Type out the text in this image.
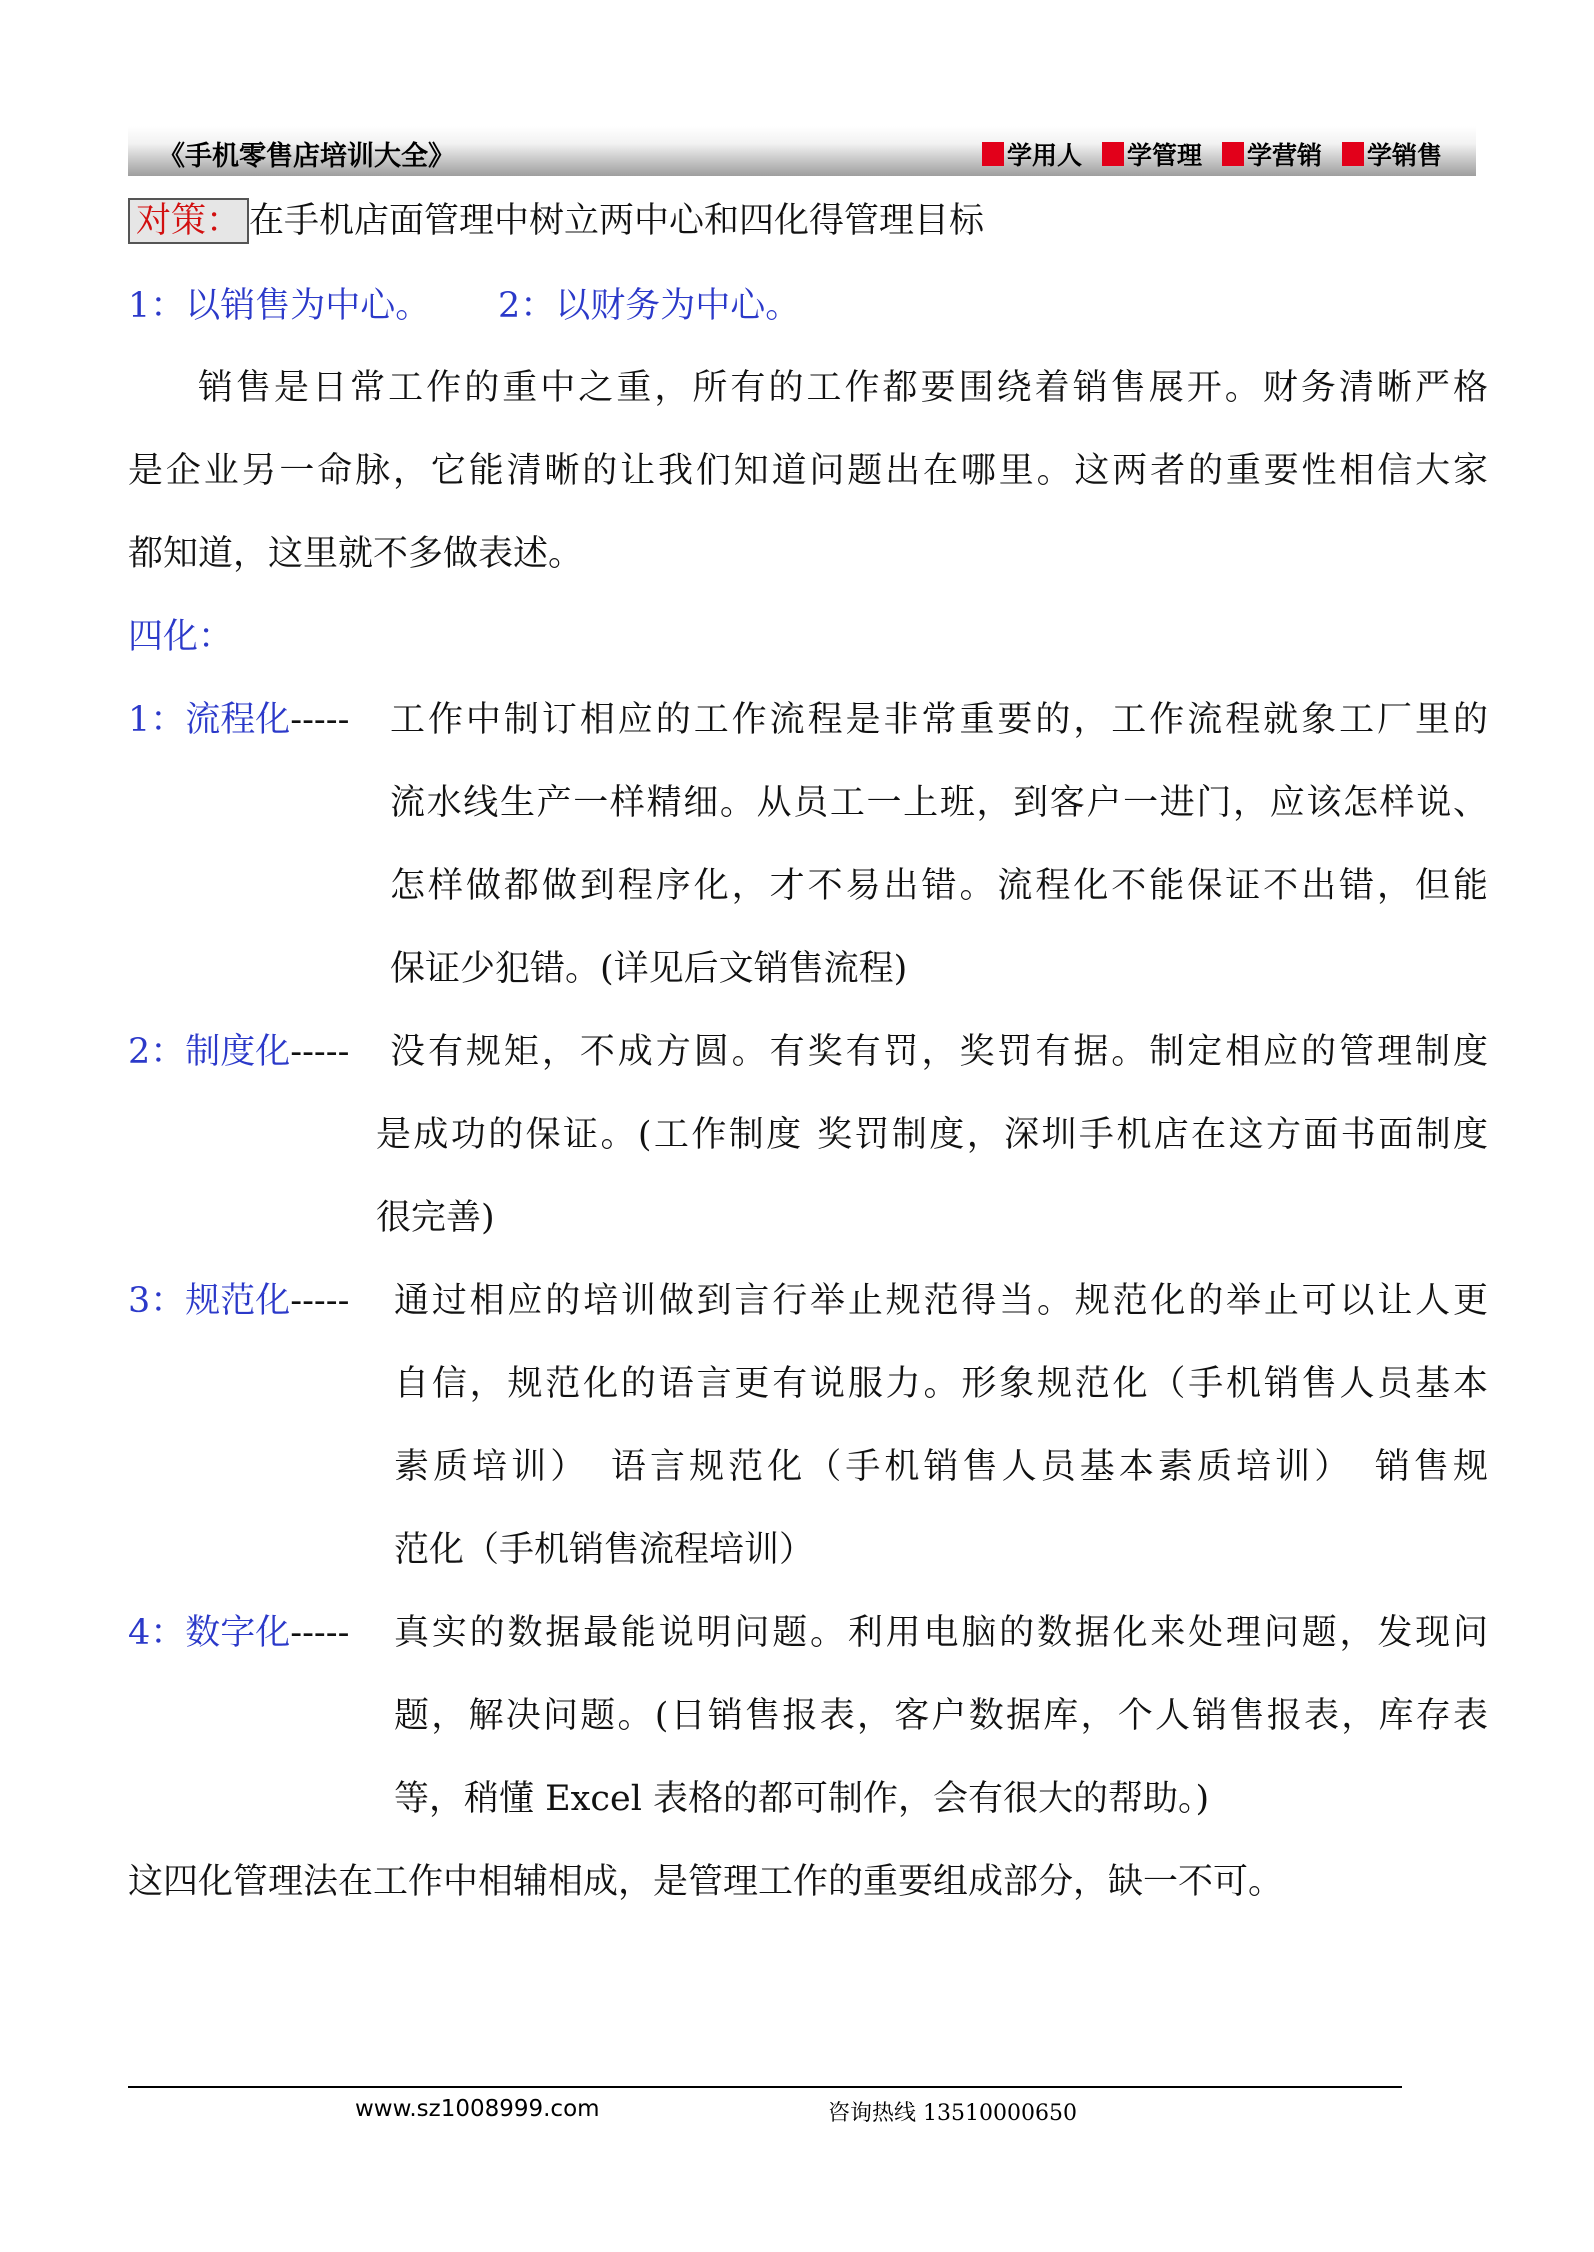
《手机零售店培训大全》	学用人 学管理 学营销 学销售
对策： 在手机店面管理中树立两中心和四化得管理目标
1：以销售为中心。 2：以财务为中心。
销售是日常工作的重中之重，所有的工作都要围绕着销售展开。财务清晰严格
是企业另一命脉，它能清晰的让我们知道问题出在哪里。这两者的重要性相信大家
都知道，这里就不多做表述。
四化：
1：流程化----- 工作中制订相应的工作流程是非常重要的，工作流程就象工厂里的
流水线生产一样精细。从员工一上班，到客户一进门，应该怎样说、
怎样做都做到程序化，才不易出错。流程化不能保证不出错，但能
保证少犯错。(详见后文销售流程)
2：制度化----- 没有规矩，不成方圆。有奖有罚，奖罚有据。制定相应的管理制度
是成功的保证。(工作制度 奖罚制度，深圳手机店在这方面书面制度
很完善)
3：规范化----- 通过相应的培训做到言行举止规范得当。规范化的举止可以让人更
自信，规范化的语言更有说服力。形象规范化（手机销售人员基本
素质培训）　语言规范化（手机销售人员基本素质培训）　销售规
范化（手机销售流程培训）
4：数字化----- 真实的数据最能说明问题。利用电脑的数据化来处理问题，发现问
题，解决问题。(日销售报表，客户数据库，个人销售报表，库存表
等，稍懂 Excel 表格的都可制作，会有很大的帮助。)
这四化管理法在工作中相辅相成，是管理工作的重要组成部分，缺一不可。
www.sz1008999.com	咨询热线 13510000650
